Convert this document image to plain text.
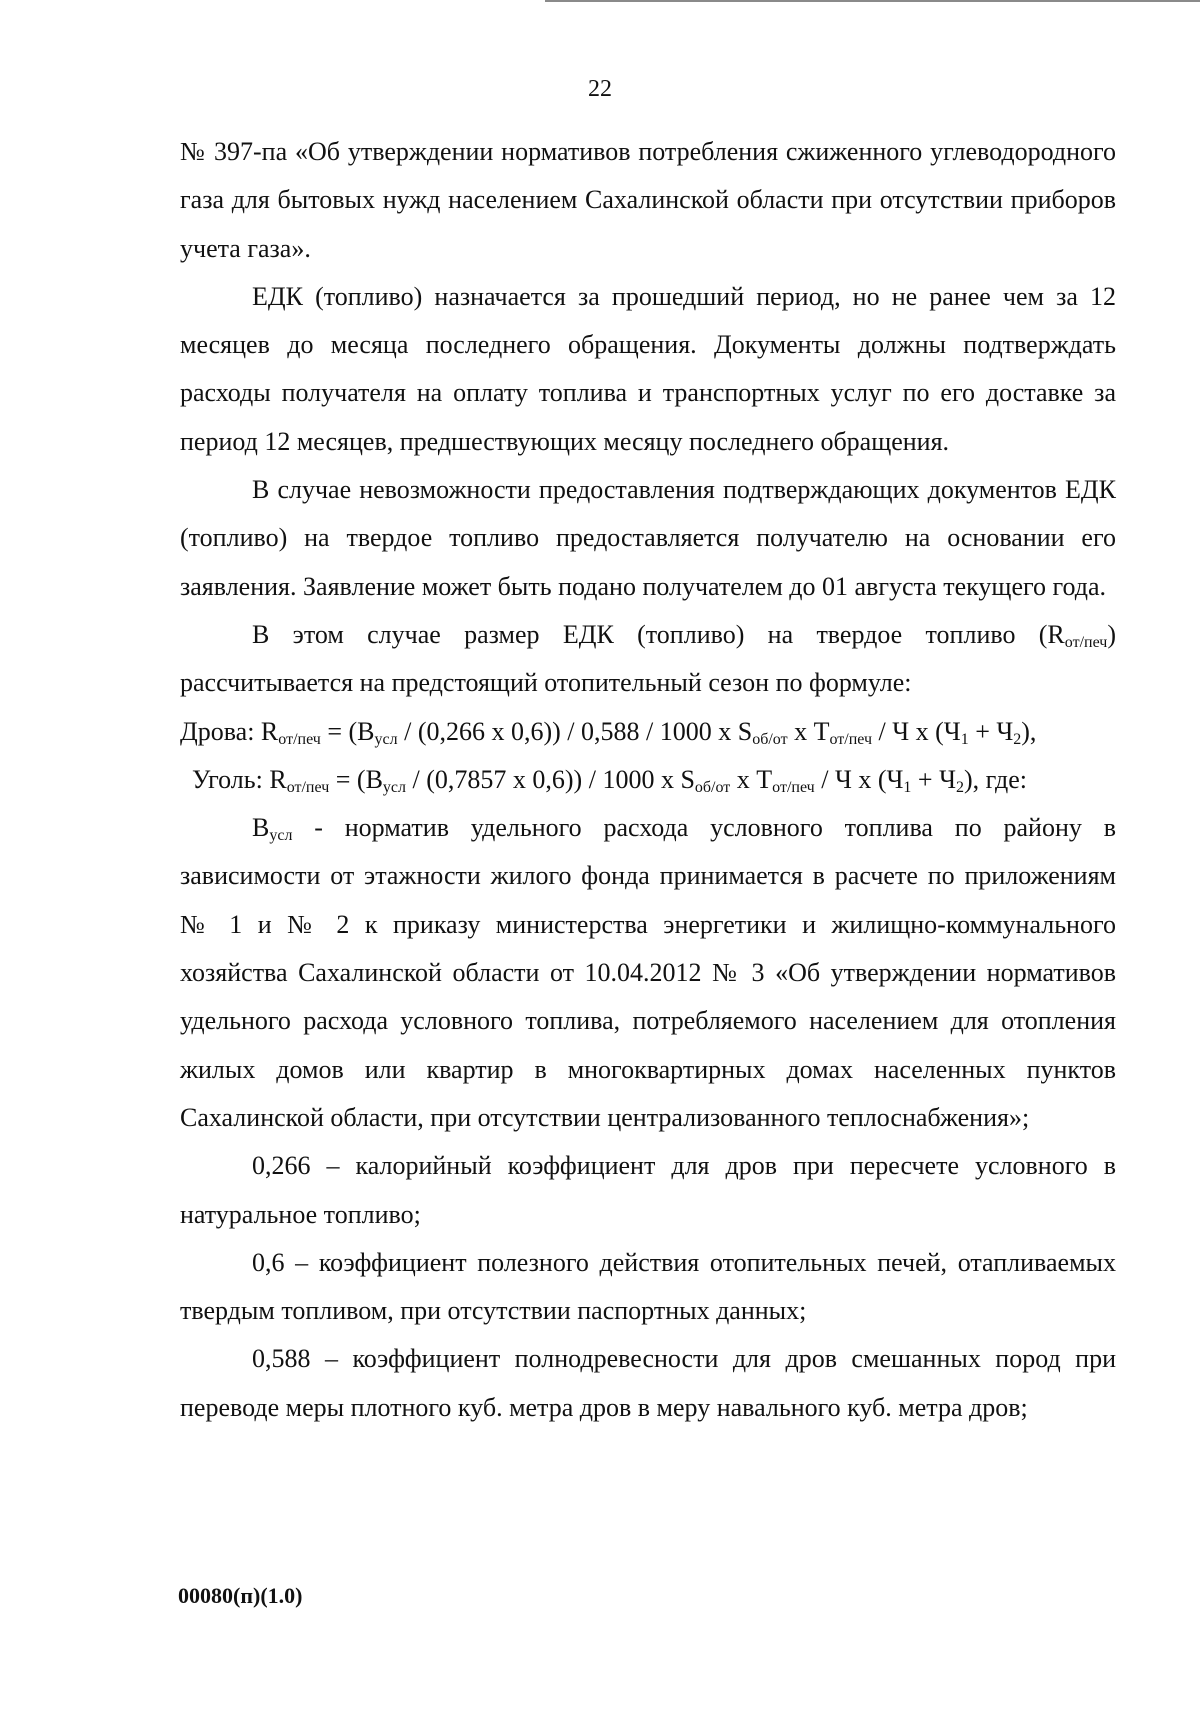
22

№ 397-па «Об утверждении нормативов потребления сжиженного углеводородного газа для бытовых нужд населением Сахалинской области при отсутствии приборов учета газа».

ЕДК (топливо) назначается за прошедший период, но не ранее чем за 12 месяцев до месяца последнего обращения. Документы должны подтверждать расходы получателя на оплату топлива и транспортных услуг по его доставке за период 12 месяцев, предшествующих месяцу последнего обращения.

В случае невозможности предоставления подтверждающих документов ЕДК (топливо) на твердое топливо предоставляется получателю на основании его заявления. Заявление может быть подано получателем до 01 августа текущего года.

В этом случае размер ЕДК (топливо) на твердое топливо $(R_{от/печ})$ рассчитывается на предстоящий отопительный сезон по формуле:

Дрова: $R_{от/печ} = (В_{усл} / (0,266$ х 0,6)) / 0,588 / 1000 х $S_{об/от}$ х $Т_{от/печ}$ / Ч х $(Ч_1 + Ч_2)$,

Уголь: $R_{от/печ} = (В_{усл} / (0,7857$ х 0,6)) / 1000 х $S_{об/от}$ х $Т_{от/печ}$ / Ч х $(Ч_1 + Ч_2)$, где:

$В_{усл}$ - норматив удельного расхода условного топлива по району в зависимости от этажности жилого фонда принимается в расчете по приложениям № 1 и № 2 к приказу министерства энергетики и жилищно-коммунального хозяйства Сахалинской области от 10.04.2012 № 3 «Об утверждении нормативов удельного расхода условного топлива, потребляемого населением для отопления жилых домов или квартир в многоквартирных домах населенных пунктов Сахалинской области, при отсутствии централизованного теплоснабжения»;

0,266 – калорийный коэффициент для дров при пересчете условного в натуральное топливо;

0,6 – коэффициент полезного действия отопительных печей, отапливаемых твердым топливом, при отсутствии паспортных данных;

0,588 – коэффициент полнодревесности для дров смешанных пород при переводе меры плотного куб. метра дров в меру навального куб. метра дров;

00080(п)(1.0)
